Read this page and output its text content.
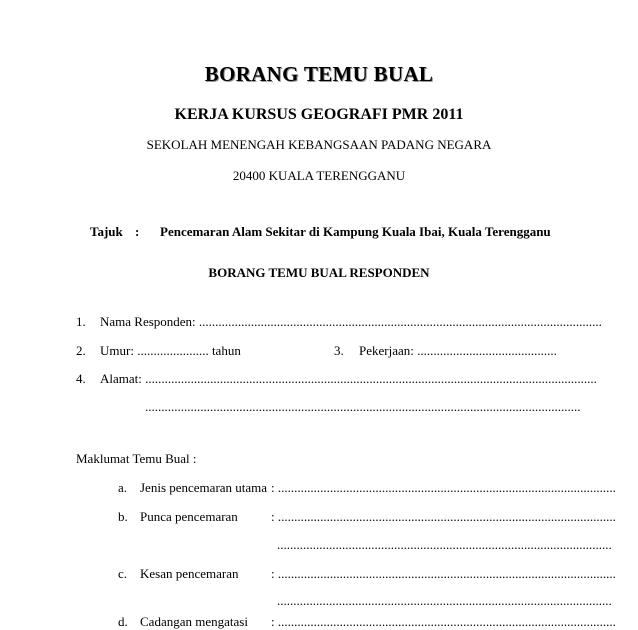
BORANG TEMU BUAL
KERJA KURSUS GEOGRAFI PMR 2011
SEKOLAH MENENGAH KEBANGSAAN PADANG NEGARA
20400 KUALA TERENGGANU
Tajuk : Pencemaran Alam Sekitar di Kampung Kuala Ibai, Kuala Terengganu
BORANG TEMU BUAL RESPONDEN
1. Nama Responden: ............................................................................................................................
2. Umur: ...................... tahun	3. Pekerjaan: ...........................................
4. Alamat: ...........................................................................................................................................
......................................................................................................................................
Maklumat Temu Bual :
a. Jenis pencemaran utama : ........................................................................................................
b. Punca pencemaran	: ........................................................................................................
.......................................................................................................
c. Kesan pencemaran : ........................................................................................................
.......................................................................................................
d. Cadangan mengatasi : ........................................................................................................
